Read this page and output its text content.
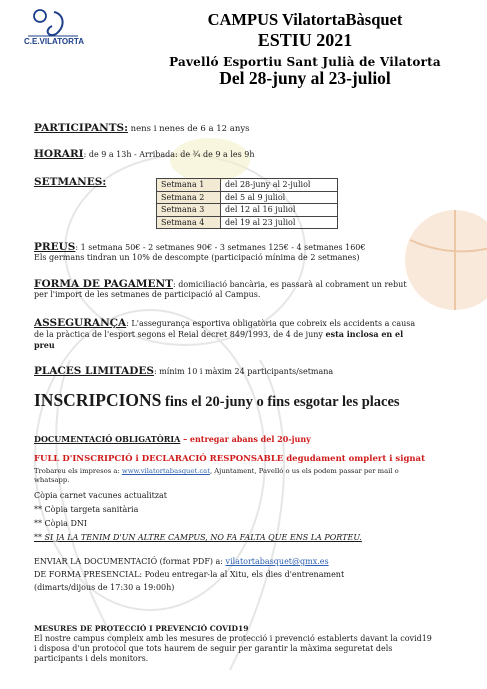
C.E.VILATORTA
CAMPUS VilatortaBàsquet
ESTIU 2021
Pavelló Esportiu Sant Julià de Vilatorta
Del 28-juny al 23-juliol
PARTICIPANTS: nens i nenes de 6 a 12 anys
HORARI: de 9 a 13h - Arribada: de ¾ de 9 a les 9h
SETMANES:	Setmana 1	del 28-juny al 2-juliol
Setmana 2	del 5 al 9 juliol
Setmana 3	del 12 al 16 juliol
Setmana 4	del 19 al 23 juliol
PREUS: 1 setmana 50€ - 2 setmanes 90€ - 3 setmanes 125€ - 4 setmanes 160€
Els germans tindran un 10% de descompte (participació mínima de 2 setmanes)
FORMA DE PAGAMENT: domiciliació bancària, es passarà al cobrament un rebut
per l'import de les setmanes de participació al Campus.
ASSEGURANÇA: L'assegurança esportiva obligatòria que cobreix els accidents a causa
de la pràctica de l'esport segons el Reial decret 849/1993, de 4 de juny esta inclosa en el
preu
PLACES LIMITADES: mínim 10 i màxim 24 participants/setmana
INSCRIPCIONS fins el 20-juny o fins esgotar les places
DOCUMENTACIÓ OBLIGATÒRIA – entregar abans del 20-juny
FULL D'INSCRIPCIÓ i DECLARACIÓ RESPONSABLE degudament omplert i signat
Trobareu els impresos a: www.vilatortabasquet.cat, Ajuntament, Pavelló o us els podem passar per mail o
whatsapp.
Còpia carnet vacunes actualitzat
** Còpia targeta sanitària
** Còpia DNI
** SI JA LA TENIM D'UN ALTRE CAMPUS, NO FA FALTA QUE ENS LA PORTEU.
ENVIAR LA DOCUMENTACIÓ (format PDF) a: vilatortabasquet@gmx.es
DE FORMA PRESENCIAL: Podeu entregar-la al Xitu, els dies d'entrenament
(dimarts/dijous de 17:30 a 19:00h)
MESURES DE PROTECCIÓ I PREVENCIÓ COVID19
El nostre campus compleix amb les mesures de protecció i prevenció establerts davant la covid19
i disposa d'un protocol que tots haurem de seguir per garantir la màxima seguretat dels
participants i dels monitors.
